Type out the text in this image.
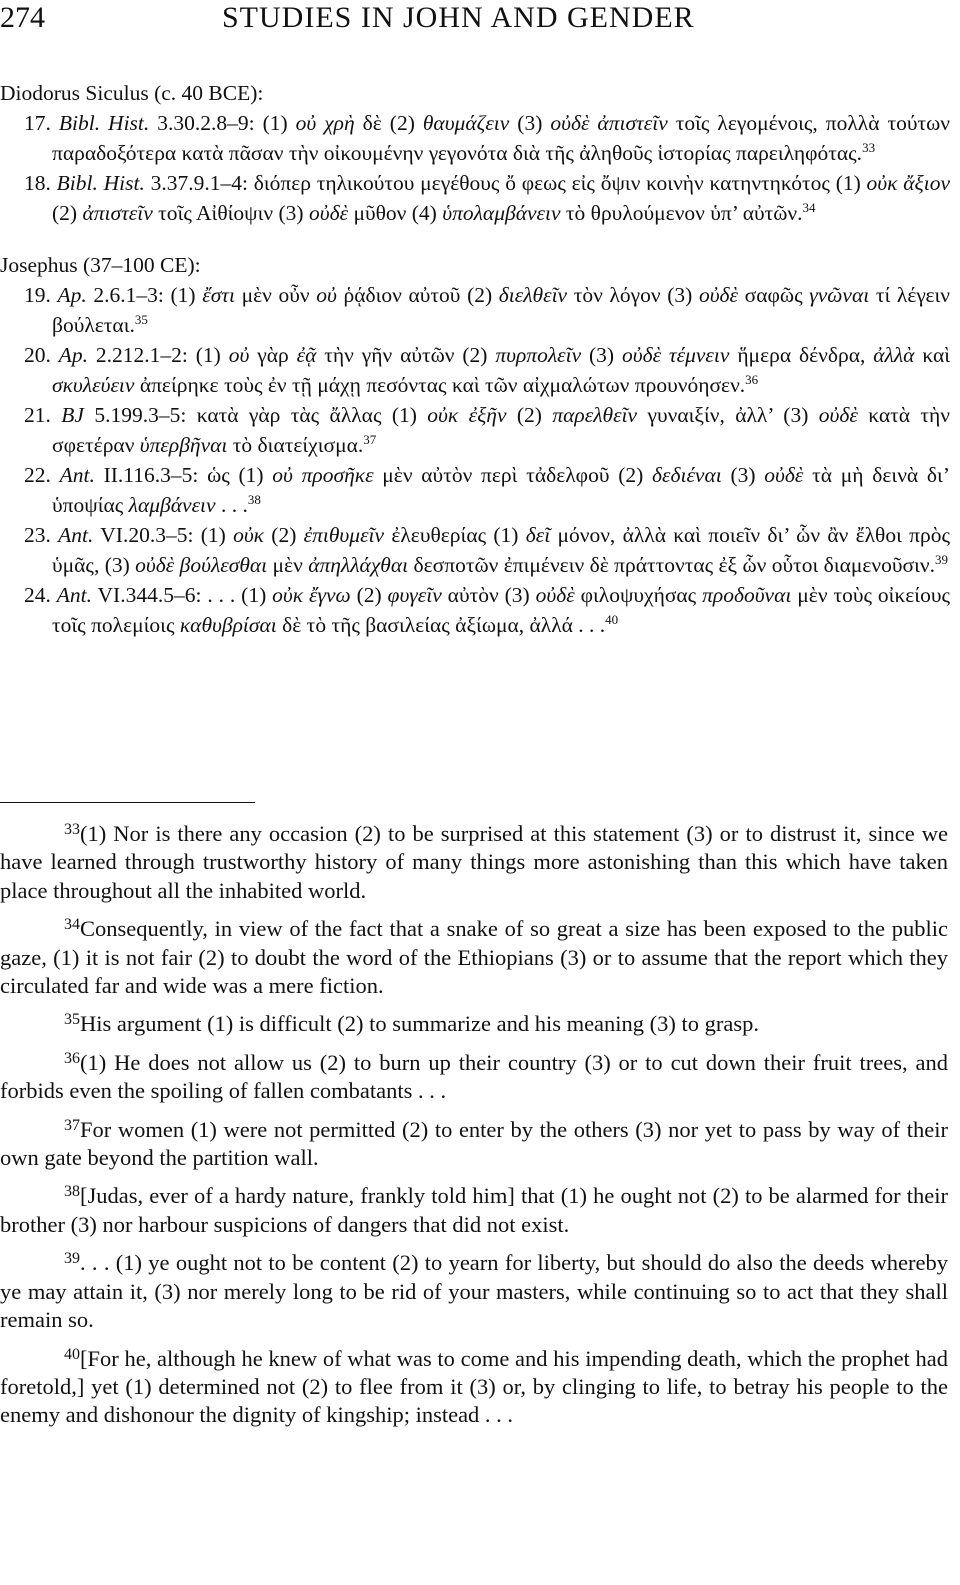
274	STUDIES IN JOHN AND GENDER

Diodorus Siculus (c. 40 BCE):

17. Bibl. Hist. 3.30.2.8–9: (1) οὐ χρὴ δὲ (2) θαυμάζειν (3) οὐδὲ ἀπιστεῖν τοῖς λεγομένοις, πολλὰ τούτων παραδοξότερα κατὰ πᾶσαν τὴν οἰκουμένην γεγονότα διὰ τῆς ἀληθοῦς ἱστορίας παρειληφότας.$^{33}$

18. Bibl. Hist. 3.37.9.1–4: διόπερ τηλικούτου μεγέθους ὄ φεως εἰς ὄψιν κοινὴν κατηντηκότος (1) οὐκ ἄξιον (2) ἀπιστεῖν τοῖς Αἰθίοψιν (3) οὐδὲ μῦθον (4) ὑπολαμβάνειν τὸ θρυλούμενον ὑπ’ αὐτῶν.$^{34}$

Josephus (37–100 CE):

19. Ap. 2.6.1–3: (1) ἔστι μὲν οὖν οὐ ῥᾴδιον αὐτοῦ (2) διελθεῖν τὸν λόγον (3) οὐδὲ σαφῶς γνῶναι τί λέγειν βούλεται.$^{35}$

20. Ap. 2.212.1–2: (1) οὐ γὰρ ἐᾷ τὴν γῆν αὐτῶν (2) πυρπολεῖν (3) οὐδὲ τέμνειν ἥμερα δένδρα, ἀλλὰ καὶ σκυλεύειν ἀπείρηκε τοὺς ἐν τῇ μάχῃ πεσόντας καὶ τῶν αἰχμαλώτων προυνόησεν.$^{36}$

21. BJ 5.199.3–5: κατὰ γὰρ τὰς ἄλλας (1) οὐκ ἐξῆν (2) παρελθεῖν γυναιξίν, ἀλλ’ (3) οὐδὲ κατὰ τὴν σφετέραν ὑπερβῆναι τὸ διατείχισμα.$^{37}$

22. Ant. II.116.3–5: ὡς (1) οὐ προσῆκε μὲν αὐτὸν περὶ τἀδελφοῦ (2) δεδιέναι (3) οὐδὲ τὰ μὴ δεινὰ δι’ ὑποψίας λαμβάνειν . . .$^{38}$

23. Ant. VI.20.3–5: (1) οὐκ (2) ἐπιθυμεῖν ἐλευθερίας (1) δεῖ μόνον, ἀλλὰ καὶ ποιεῖν δι’ ὧν ἂν ἔλθοι πρὸς ὑμᾶς, (3) οὐδὲ βούλεσθαι μὲν ἀπηλλάχθαι δεσποτῶν ἐπιμένειν δὲ πράττοντας ἐξ ὧν οὗτοι διαμενοῦσιν.$^{39}$

24. Ant. VI.344.5–6: . . . (1) οὐκ ἔγνω (2) φυγεῖν αὐτὸν (3) οὐδὲ φιλοψυχήσας προδοῦναι μὲν τοὺς οἰκείους τοῖς πολεμίοις καθυβρίσαι δὲ τὸ τῆς βασιλείας ἀξίωμα, ἀλλά . . .$^{40}$

$^{33}$(1) Nor is there any occasion (2) to be surprised at this statement (3) or to distrust it, since we have learned through trustworthy history of many things more astonishing than this which have taken place throughout all the inhabited world.

$^{34}$Consequently, in view of the fact that a snake of so great a size has been exposed to the public gaze, (1) it is not fair (2) to doubt the word of the Ethiopians (3) or to assume that the report which they circulated far and wide was a mere fiction.

$^{35}$His argument (1) is difficult (2) to summarize and his meaning (3) to grasp.

$^{36}$(1) He does not allow us (2) to burn up their country (3) or to cut down their fruit trees, and forbids even the spoiling of fallen combatants . . .

$^{37}$For women (1) were not permitted (2) to enter by the others (3) nor yet to pass by way of their own gate beyond the partition wall.

$^{38}$[Judas, ever of a hardy nature, frankly told him] that (1) he ought not (2) to be alarmed for their brother (3) nor harbour suspicions of dangers that did not exist.

$^{39}$. . . (1) ye ought not to be content (2) to yearn for liberty, but should do also the deeds whereby ye may attain it, (3) nor merely long to be rid of your masters, while continuing so to act that they shall remain so.

$^{40}$[For he, although he knew of what was to come and his impending death, which the prophet had foretold,] yet (1) determined not (2) to flee from it (3) or, by clinging to life, to betray his people to the enemy and dishonour the dignity of kingship; instead . . .
